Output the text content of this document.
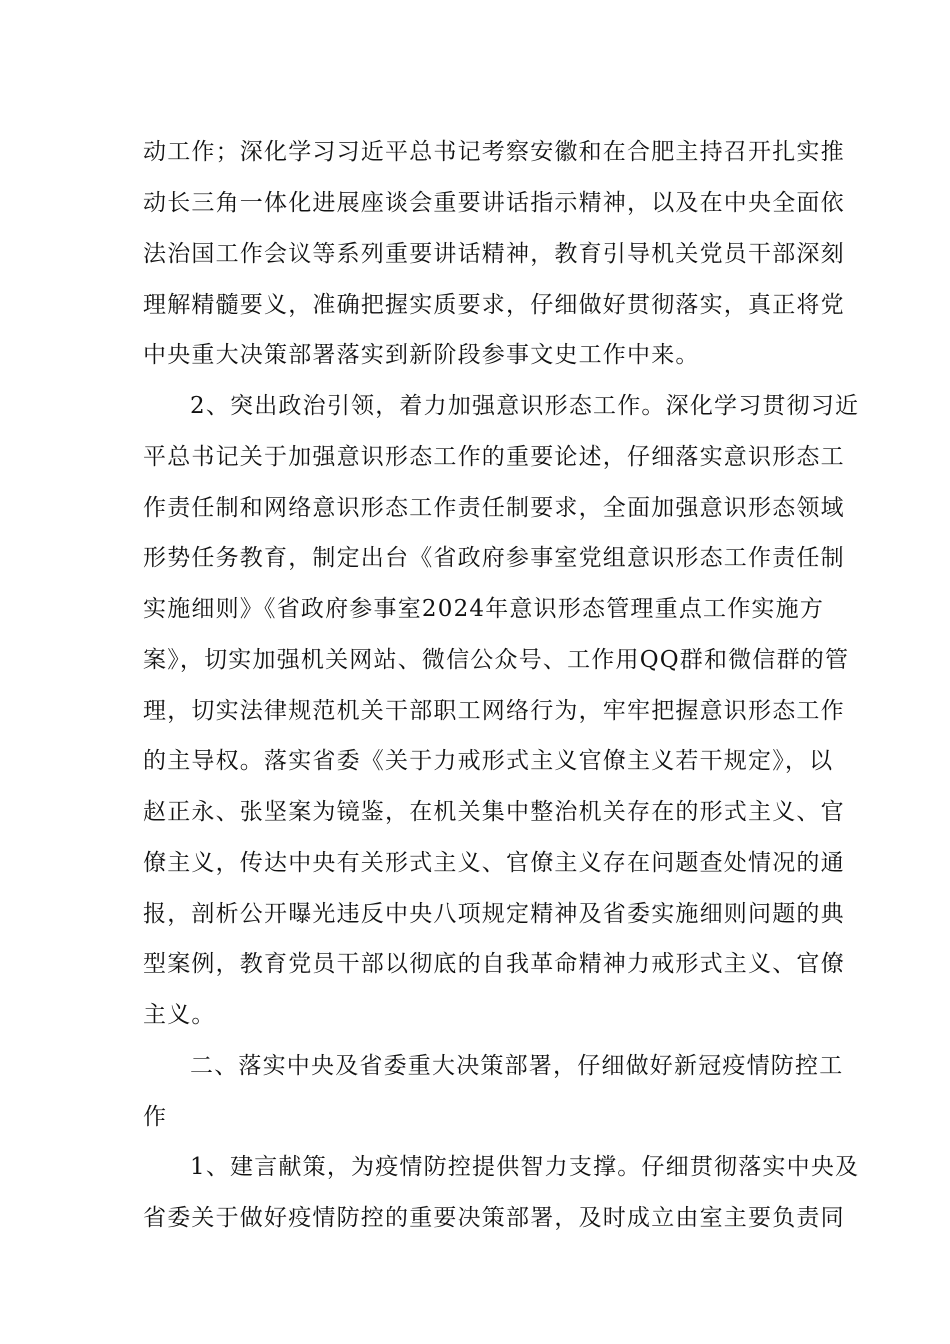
动工作；深化学习习近平总书记考察安徽和在合肥主持召开扎实推
动长三角一体化进展座谈会重要讲话指示精神，以及在中央全面依
法治国工作会议等系列重要讲话精神，教育引导机关党员干部深刻
理解精髓要义，准确把握实质要求，仔细做好贯彻落实，真正将党
中央重大决策部署落实到新阶段参事文史工作中来。
2、突出政治引领，着力加强意识形态工作。深化学习贯彻习近
平总书记关于加强意识形态工作的重要论述，仔细落实意识形态工
作责任制和网络意识形态工作责任制要求，全面加强意识形态领域
形势任务教育，制定出台《省政府参事室党组意识形态工作责任制
实施细则》《省政府参事室2024年意识形态管理重点工作实施方
案》，切实加强机关网站、微信公众号、工作用QQ群和微信群的管
理，切实法律规范机关干部职工网络行为，牢牢把握意识形态工作
的主导权。落实省委《关于力戒形式主义官僚主义若干规定》，以
赵正永、张坚案为镜鉴，在机关集中整治机关存在的形式主义、官
僚主义，传达中央有关形式主义、官僚主义存在问题查处情况的通
报，剖析公开曝光违反中央八项规定精神及省委实施细则问题的典
型案例，教育党员干部以彻底的自我革命精神力戒形式主义、官僚
主义。
二、落实中央及省委重大决策部署，仔细做好新冠疫情防控工
作
1、建言献策，为疫情防控提供智力支撑。仔细贯彻落实中央及
省委关于做好疫情防控的重要决策部署，及时成立由室主要负责同
